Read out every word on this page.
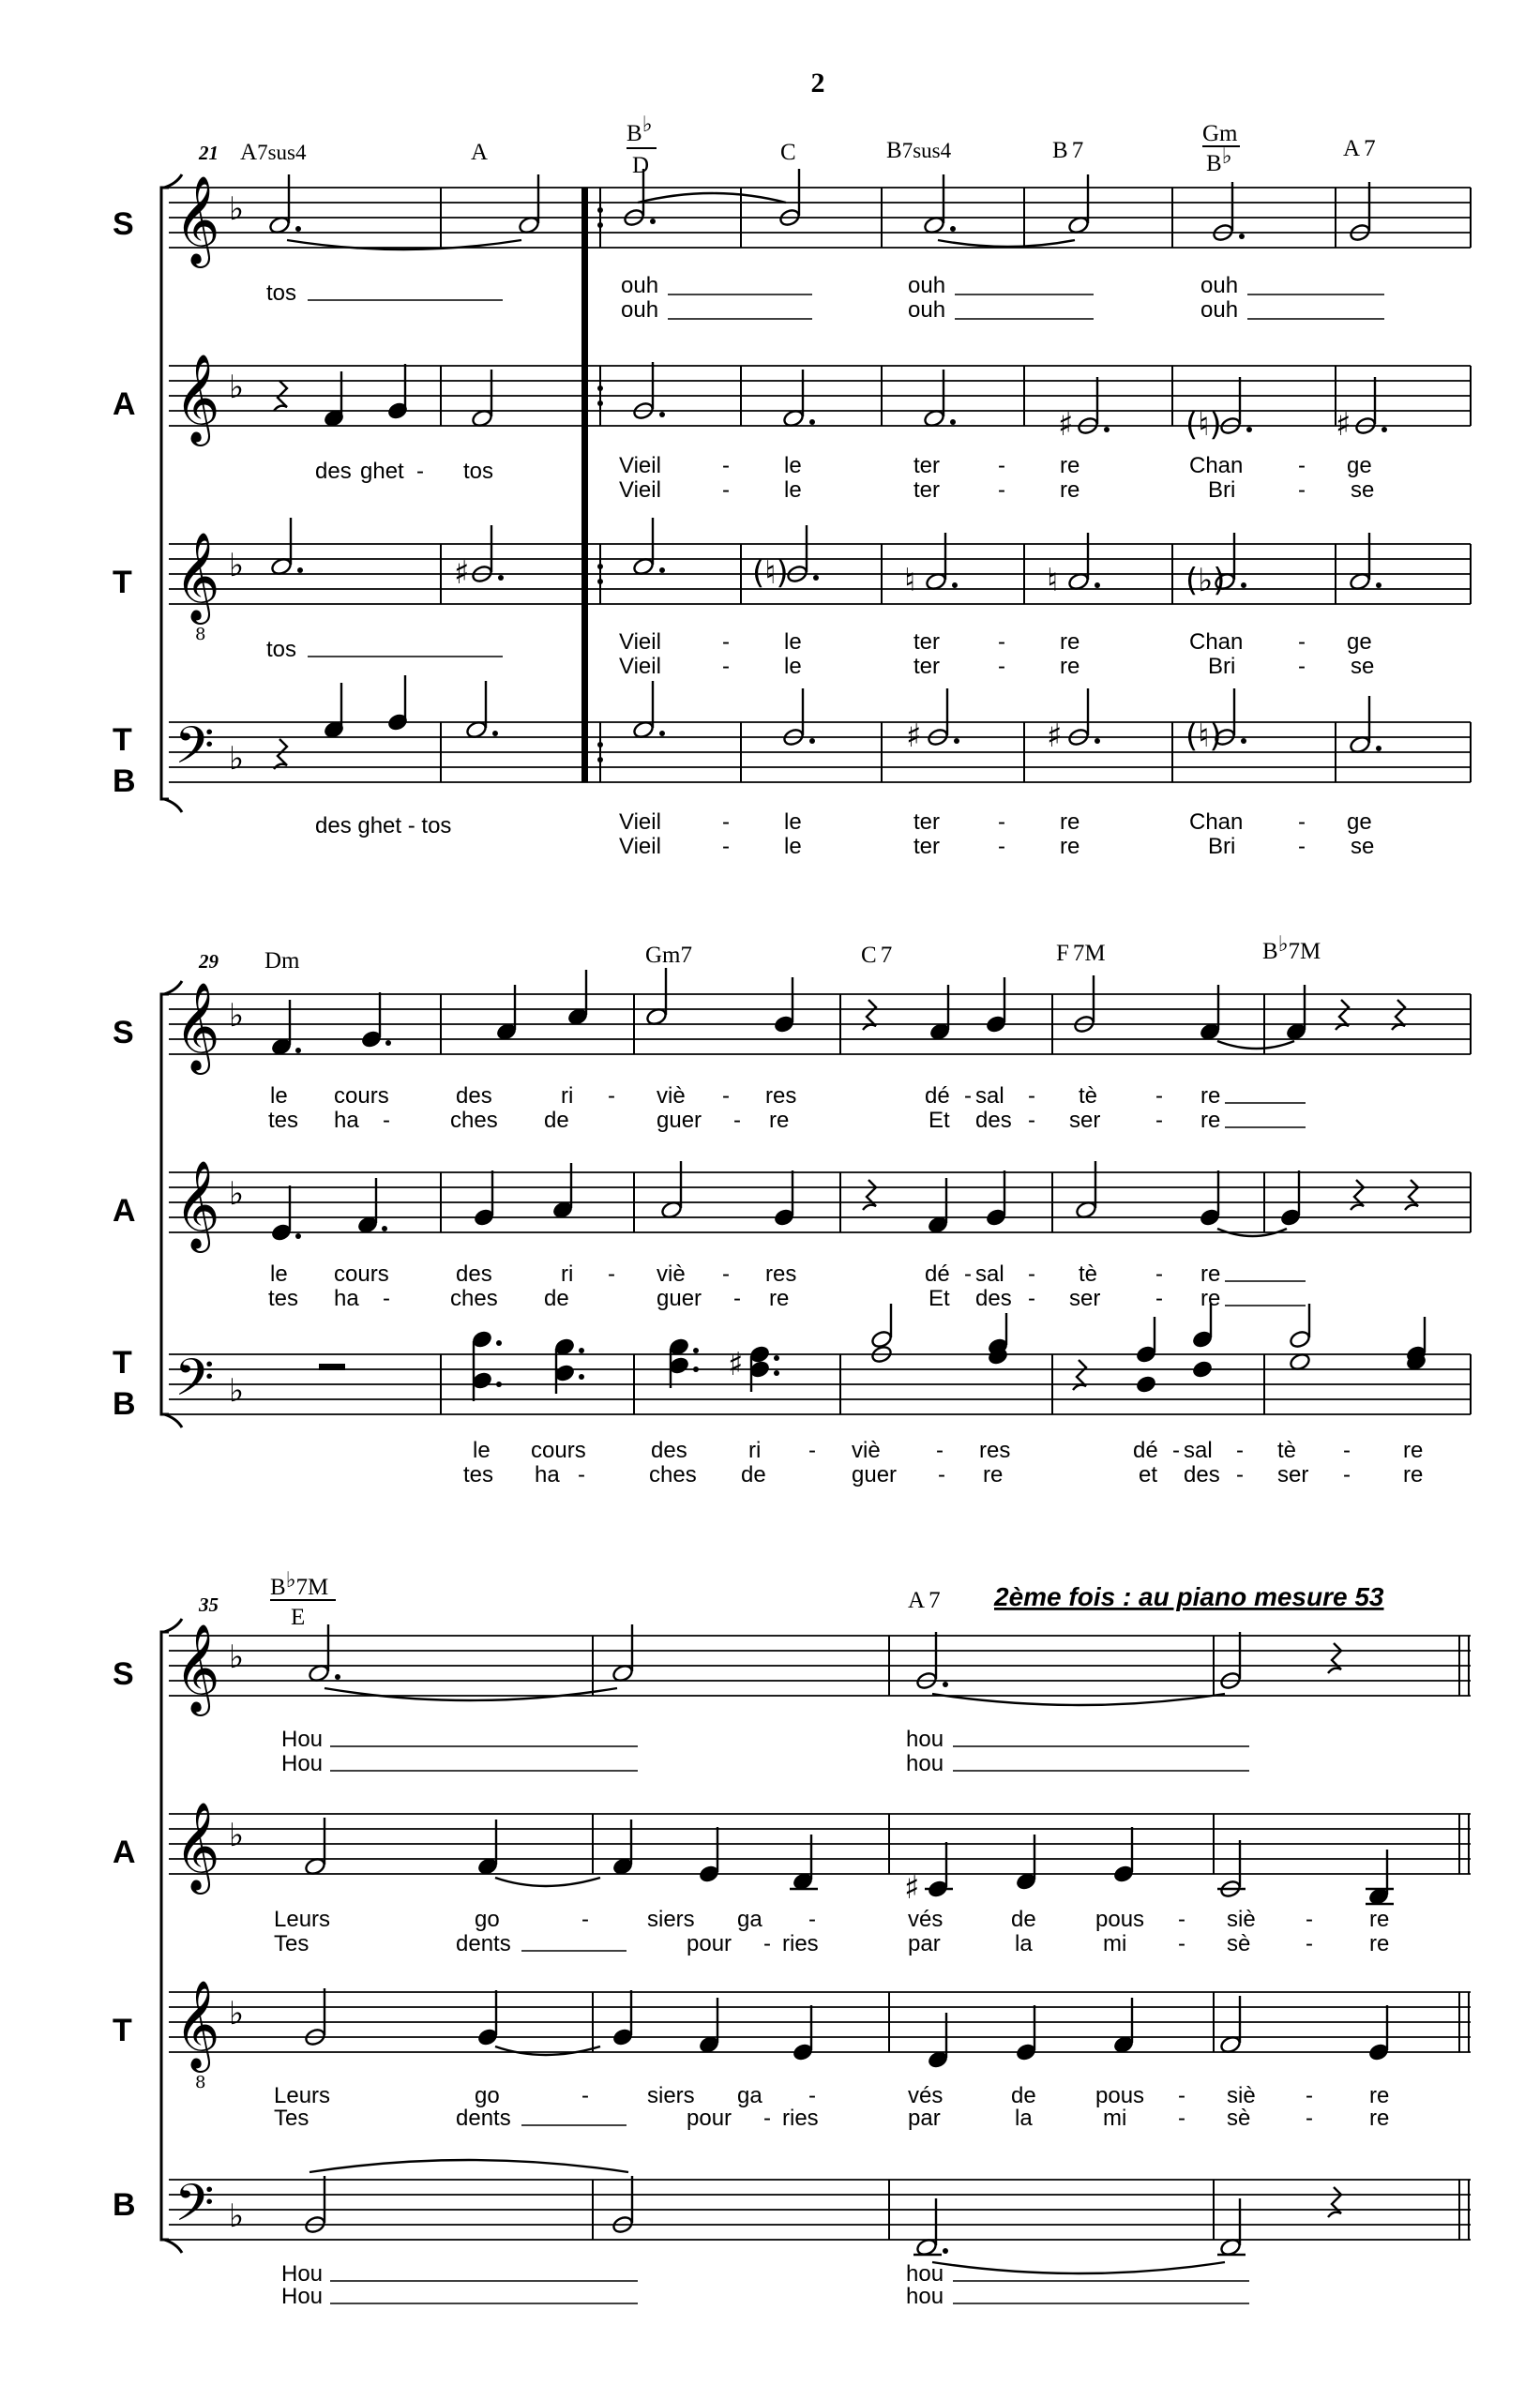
2
21 A7sus4	A
B♭
D
C	B7sus4	B 7
Gm
B♭	A 7
S
A
T
T
B
𝄞
𝄞
𝄞
8
𝄢
♭
♭
♭
♭
♯	(♮)	♯
♯	(♮)	♮	♮	(♭)
♯	♯	(♮)
tos	ouh
ouh
ouh
ouh
ouh
ouh
des ghet - tos	Vieil	- le	ter	- re	Chan - ge
Vieil	- le	ter	- re	Bri	- se
tos	Vieil	- le	ter	- re	Chan - ge
Vieil	- le	ter	- re	Bri	- se
des ghet - tos	Vieil	- le	ter	- re	Chan - ge
Vieil	- le	ter	- re	Bri	- se
29 Dm	Gm7	C 7	F 7M	B♭7M
S
A
T
B
𝄞
𝄞
𝄢
♭
♭
♭
♯
le cours	des	ri - viè - res	dé - sal - tè	- re
tes ha -	ches de	guer - re	Et des - ser - re
le cours	des	ri - viè - res	dé - sal - tè	- re
tes ha -	ches de	guer - re	Et des - ser - re
le cours	des	ri - viè - res	dé - sal - tè - re
tes ha -	ches de	guer - re	et des - ser - re
35
B♭7M
E
A 7 2ème fois : au piano mesure 53
S
A
T
B
𝄞
𝄞
𝄞
8
𝄢
♭
♭
♭
♭
♯
Hou
Hou
hou
hou
Leurs	go	-	siers ga -	vés	de	pous - siè -	re
Tes	dents	pour - ries	par	la	mi - sè -	re
Leurs	go	-	siers ga -	vés	de	pous - siè -	re
Tes	dents	pour - ries	par	la	mi - sè -	re
Hou
Hou
hou
hou
